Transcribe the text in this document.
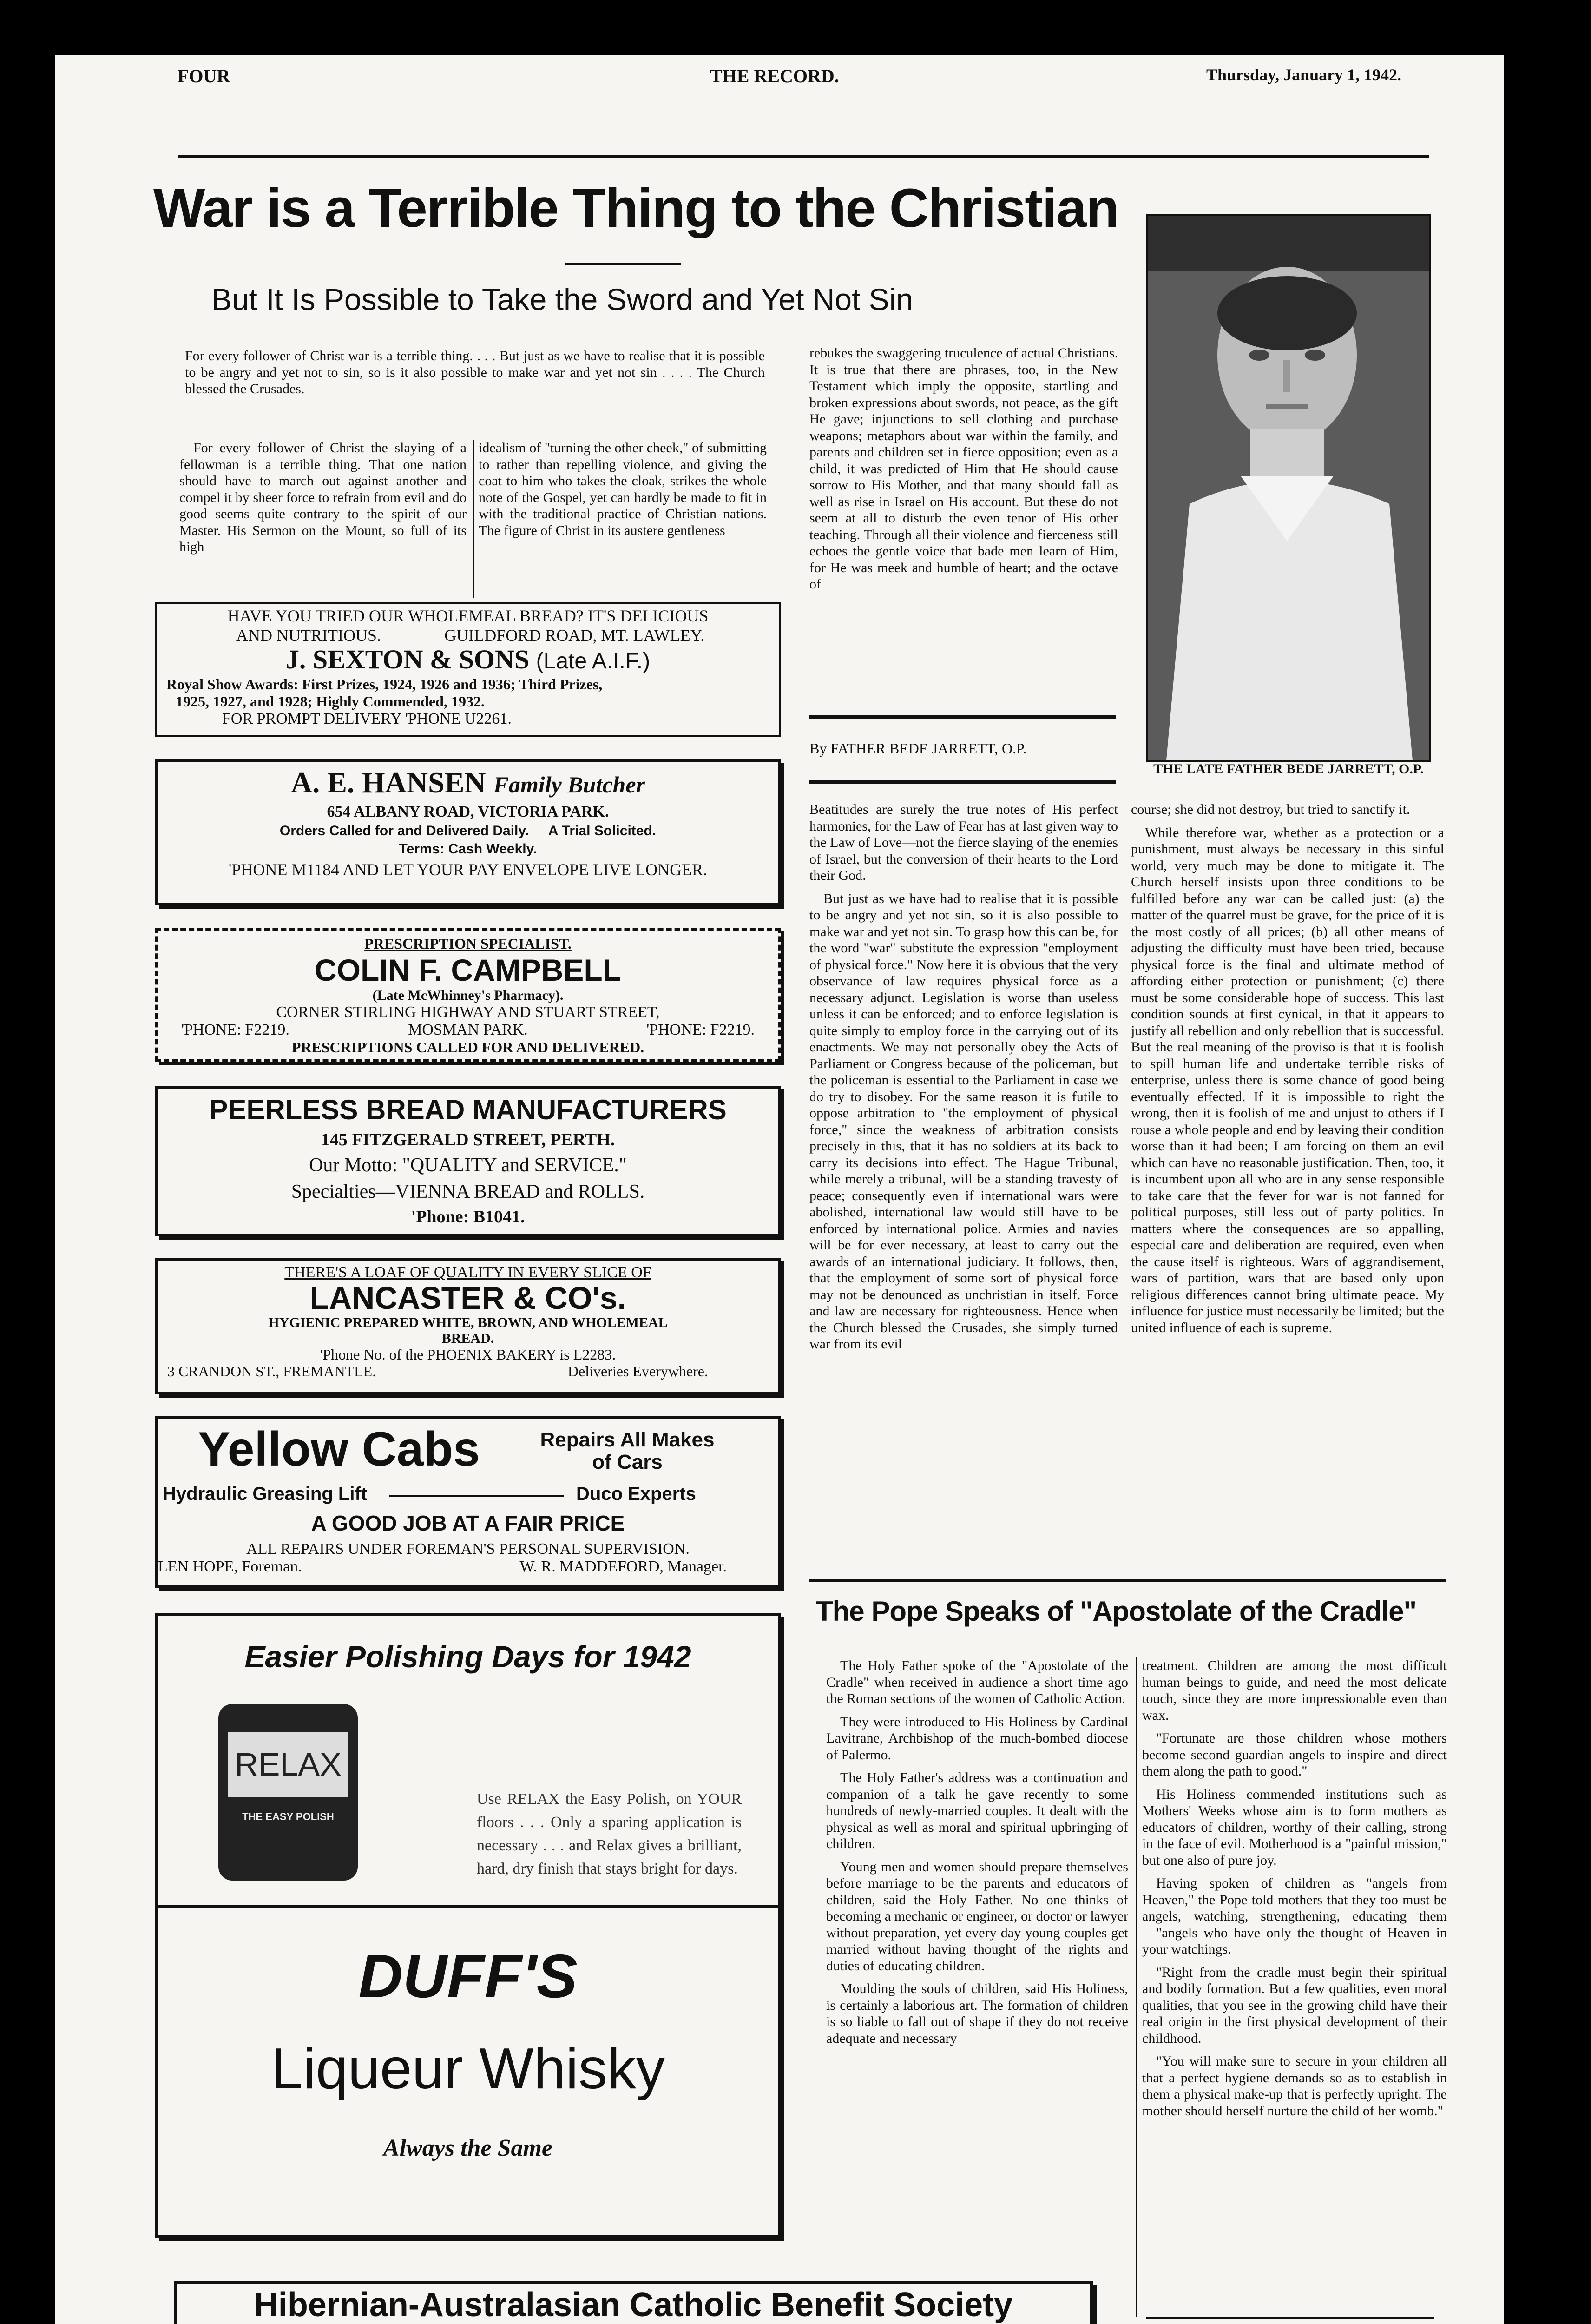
FOUR	THE RECORD.	Thursday, January 1, 1942.
War is a Terrible Thing to the Christian
But It Is Possible to Take the Sword and Yet Not Sin

For every follower of Christ war is a terrible thing. . . . But just as we have to realise that it is possible to be angry and yet not to sin, so is it also possible to make war and yet not sin . . . . The Church blessed the Crusades.

For every follower of Christ the slaying of a fellowman is a terrible thing. That one nation should have to march out against another and compel it by sheer force to refrain from evil and do good seems quite contrary to the spirit of our Master. His Sermon on the Mount, so full of its high

idealism of "turning the other cheek," of submitting to rather than repelling violence, and giving the coat to him who takes the cloak, strikes the whole note of the Gospel, yet can hardly be made to fit in with the traditional practice of Christian nations. The figure of Christ in its austere gentleness

rebukes the swaggering truculence of actual Christians. It is true that there are phrases, too, in the New Testament which imply the opposite, startling and broken expressions about swords, not peace, as the gift He gave; injunctions to sell clothing and purchase weapons; metaphors about war within the family, and parents and children set in fierce opposition; even as a child, it was predicted of Him that He should cause sorrow to His Mother, and that many should fall as well as rise in Israel on His account. But these do not seem at all to disturb the even tenor of His other teaching. Through all their violence and fierceness still echoes the gentle voice that bade men learn of Him, for He was meek and humble of heart; and the octave of

By FATHER BEDE JARRETT, O.P.
THE LATE FATHER BEDE JARRETT, O.P.

Beatitudes are surely the true notes of His perfect harmonies, for the Law of Fear has at last given way to the Law of Love—not the fierce slaying of the enemies of Israel, but the conversion of their hearts to the Lord their God.

But just as we have had to realise that it is possible to be angry and yet not sin, so it is also possible to make war and yet not sin. To grasp how this can be, for the word "war" substitute the expression "employment of physical force." Now here it is obvious that the very observance of law requires physical force as a necessary adjunct. Legislation is worse than useless unless it can be enforced; and to enforce legislation is quite simply to employ force in the carrying out of its enactments. We may not personally obey the Acts of Parliament or Congress because of the policeman, but the policeman is essential to the Parliament in case we do try to disobey. For the same reason it is futile to oppose arbitration to "the employment of physical force," since the weakness of arbitration consists precisely in this, that it has no soldiers at its back to carry its decisions into effect. The Hague Tribunal, while merely a tribunal, will be a standing travesty of peace; consequently even if international wars were abolished, international law would still have to be enforced by international police. Armies and navies will be for ever necessary, at least to carry out the awards of an international judiciary. It follows, then, that the employment of some sort of physical force may not be denounced as unchristian in itself. Force and law are necessary for righteousness. Hence when the Church blessed the Crusades, she simply turned war from its evil

course; she did not destroy, but tried to sanctify it.

While therefore war, whether as a protection or a punishment, must always be necessary in this sinful world, very much may be done to mitigate it. The Church herself insists upon three conditions to be fulfilled before any war can be called just: (a) the matter of the quarrel must be grave, for the price of it is the most costly of all prices; (b) all other means of adjusting the difficulty must have been tried, because physical force is the final and ultimate method of affording either protection or punishment; (c) there must be some considerable hope of success. This last condition sounds at first cynical, in that it appears to justify all rebellion and only rebellion that is successful. But the real meaning of the proviso is that it is foolish to spill human life and undertake terrible risks of enterprise, unless there is some chance of good being eventually effected. If it is impossible to right the wrong, then it is foolish of me and unjust to others if I rouse a whole people and end by leaving their condition worse than it had been; I am forcing on them an evil which can have no reasonable justification. Then, too, it is incumbent upon all who are in any sense responsible to take care that the fever for war is not fanned for political purposes, still less out of party politics. In matters where the consequences are so appalling, especial care and deliberation are required, even when the cause itself is righteous. Wars of aggrandisement, wars of partition, wars that are based only upon religious differences cannot bring ultimate peace. My influence for justice must necessarily be limited; but the united influence of each is supreme.

The Pope Speaks of "Apostolate of the Cradle"

The Holy Father spoke of the "Apostolate of the Cradle" when received in audience a short time ago the Roman sections of the women of Catholic Action.

They were introduced to His Holiness by Cardinal Lavitrane, Archbishop of the much-bombed diocese of Palermo.

The Holy Father's address was a continuation and companion of a talk he gave recently to some hundreds of newly-married couples. It dealt with the physical as well as moral and spiritual upbringing of children.

Young men and women should prepare themselves before marriage to be the parents and educators of children, said the Holy Father. No one thinks of becoming a mechanic or engineer, or doctor or lawyer without preparation, yet every day young couples get married without having thought of the rights and duties of educating children.

Moulding the souls of children, said His Holiness, is certainly a laborious art. The formation of children is so liable to fall out of shape if they do not receive adequate and necessary

treatment. Children are among the most difficult human beings to guide, and need the most delicate touch, since they are more impressionable even than wax.

"Fortunate are those children whose mothers become second guardian angels to inspire and direct them along the path to good."

His Holiness commended institutions such as Mothers' Weeks whose aim is to form mothers as educators of children, worthy of their calling, strong in the face of evil. Motherhood is a "painful mission," but one also of pure joy.

Having spoken of children as "angels from Heaven," the Pope told mothers that they too must be angels, watching, strengthening, educating them—"angels who have only the thought of Heaven in your watchings.

"Right from the cradle must begin their spiritual and bodily formation. But a few qualities, even moral qualities, that you see in the growing child have their real origin in the first physical development of their childhood.

"You will make sure to secure in your children all that a perfect hygiene demands so as to establish in them a physical make-up that is perfectly upright. The mother should herself nurture the child of her womb."

HAVE YOU TRIED OUR WHOLEMEAL BREAD? IT'S DELICIOUS
AND NUTRITIOUS.	GUILDFORD ROAD, MT. LAWLEY.
J. SEXTON & SONS (Late A.I.F.)
Royal Show Awards: First Prizes, 1924, 1926 and 1936; Third Prizes,
1925, 1927, and 1928; Highly Commended, 1932.
FOR PROMPT DELIVERY 'PHONE U2261.
A. E. HANSEN Family Butcher
654 ALBANY ROAD, VICTORIA PARK.
Orders Called for and Delivered Daily. A Trial Solicited.
Terms: Cash Weekly.
'PHONE M1184 AND LET YOUR PAY ENVELOPE LIVE LONGER.
PRESCRIPTION SPECIALIST.
COLIN F. CAMPBELL
(Late McWhinney's Pharmacy).
CORNER STIRLING HIGHWAY AND STUART STREET,
'PHONE: F2219.	MOSMAN PARK.	'PHONE: F2219.
PRESCRIPTIONS CALLED FOR AND DELIVERED.
PEERLESS BREAD MANUFACTURERS
145 FITZGERALD STREET, PERTH.
Our Motto: "QUALITY and SERVICE."
Specialties—VIENNA BREAD and ROLLS.
'Phone: B1041.
THERE'S A LOAF OF QUALITY IN EVERY SLICE OF
LANCASTER & CO's.
HYGIENIC PREPARED WHITE, BROWN, AND WHOLEMEAL
BREAD.
'Phone No. of the PHOENIX BAKERY is L2283.
3 CRANDON ST., FREMANTLE.	Deliveries Everywhere.
Yellow Cabs	Repairs All Makes of Cars
Hydraulic Greasing Lift	Duco Experts
A GOOD JOB AT A FAIR PRICE
ALL REPAIRS UNDER FOREMAN'S PERSONAL SUPERVISION.
LEN HOPE, Foreman.	W. R. MADDEFORD, Manager.
Easier Polishing Days for 1942
RELAX
THE EASY POLISH
Use RELAX the Easy Polish, on YOUR floors . . . Only a sparing application is necessary . . . and Relax gives a brilliant, hard, dry finish that stays bright for days.
DUFF'S
Liqueur Whisky
Always the Same
Hibernian-Australasian Catholic Benefit Society
